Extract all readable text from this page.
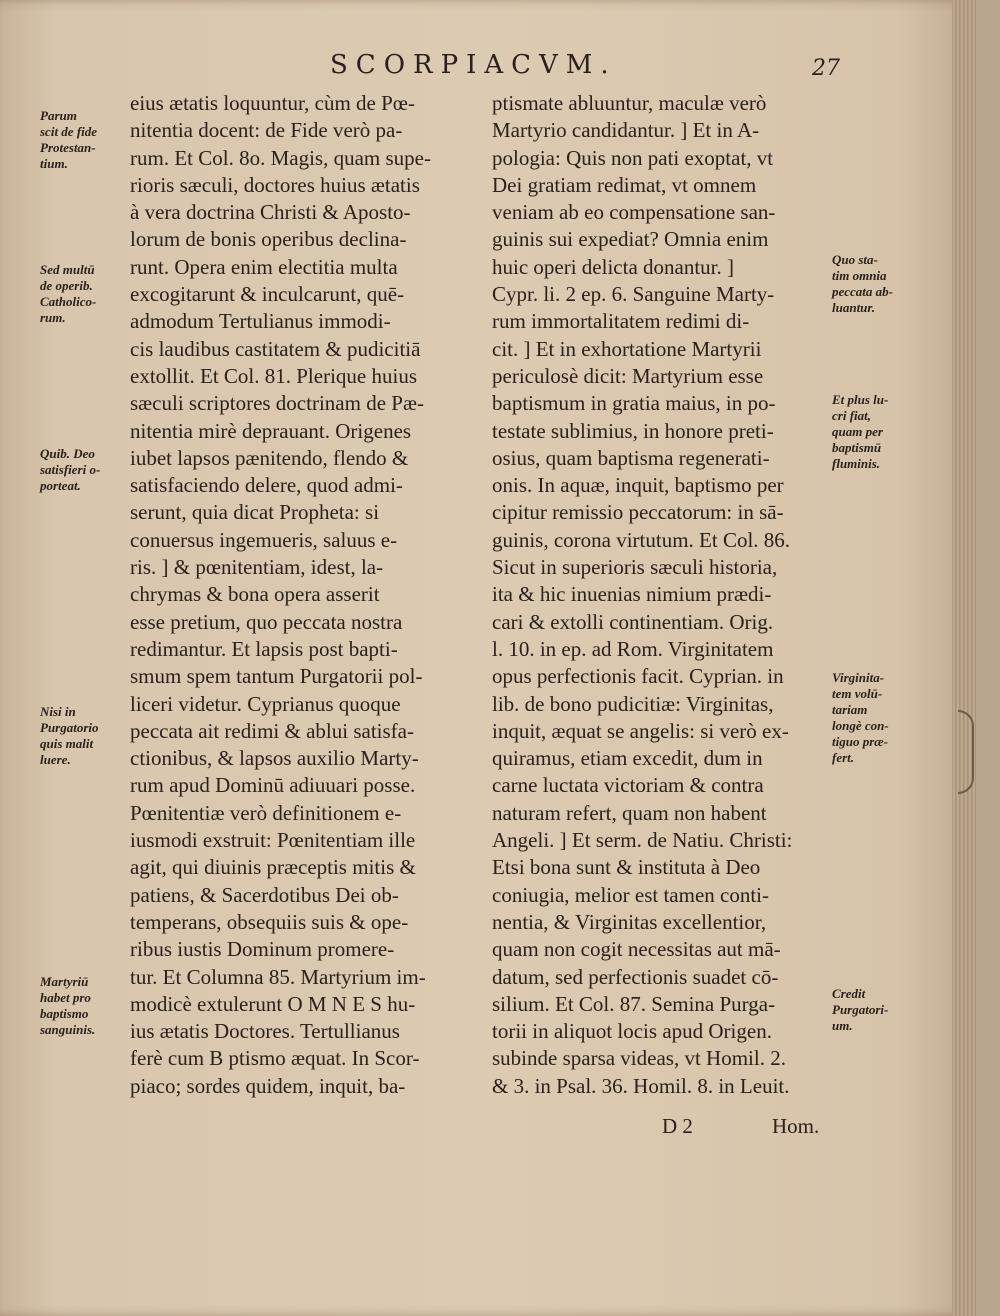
SCORPIACVM.	27
eius ætatis loquuntur, cùm de Pœ-
nitentia docent: de Fide verò pa-
rum. Et Col. 8o. Magis, quam supe-
rioris sæculi, doctores huius ætatis
à vera doctrina Christi & Aposto-
lorum de bonis operibus declina-
runt. Opera enim electitia multa
excogitarunt & inculcarunt, quē-
admodum Tertulianus immodi-
cis laudibus castitatem & pudicitiā
extollit. Et Col. 81. Plerique huius
sæculi scriptores doctrinam de Pæ-
nitentia mirè deprauant. Origenes
iubet lapsos pænitendo, flendo &
satisfaciendo delere, quod admi-
serunt, quia dicat Propheta: si
conuersus ingemueris, saluus e-
ris. ] & pœnitentiam, idest, la-
chrymas & bona opera asserit
esse pretium, quo peccata nostra
redimantur. Et lapsis post bapti-
smum spem tantum Purgatorii pol-
liceri videtur. Cyprianus quoque
peccata ait redimi & ablui satisfa-
ctionibus, & lapsos auxilio Marty-
rum apud Dominū adiuuari posse.
Pœnitentiæ verò definitionem e-
iusmodi exstruit: Pœnitentiam ille
agit, qui diuinis præceptis mitis &
patiens, & Sacerdotibus Dei ob-
temperans, obsequiis suis & ope-
ribus iustis Dominum promere-
tur. Et Columna 85. Martyrium im-
modicè extulerunt O M N E S hu-
ius ætatis Doctores. Tertullianus
ferè cum B ptismo æquat. In Scor-
piaco; sordes quidem, inquit, ba-
ptismate abluuntur, maculæ verò
Martyrio candidantur. ] Et in A-
pologia: Quis non pati exoptat, vt
Dei gratiam redimat, vt omnem
veniam ab eo compensatione san-
guinis sui expediat? Omnia enim
huic operi delicta donantur. ]
Cypr. li. 2 ep. 6. Sanguine Marty-
rum immortalitatem redimi di-
cit. ] Et in exhortatione Martyrii
periculosè dicit: Martyrium esse
baptismum in gratia maius, in po-
testate sublimius, in honore preti-
osius, quam baptisma regenerati-
onis. In aquæ, inquit, baptismo per
cipitur remissio peccatorum: in sā-
guinis, corona virtutum. Et Col. 86.
Sicut in superioris sæculi historia,
ita & hic inuenias nimium prædi-
cari & extolli continentiam. Orig.
l. 10. in ep. ad Rom. Virginitatem
opus perfectionis facit. Cyprian. in
lib. de bono pudicitiæ: Virginitas,
inquit, æquat se angelis: si verò ex-
quiramus, etiam excedit, dum in
carne luctata victoriam & contra
naturam refert, quam non habent
Angeli. ] Et serm. de Natiu. Christi:
Etsi bona sunt & instituta à Deo
coniugia, melior est tamen conti-
nentia, & Virginitas excellentior,
quam non cogit necessitas aut mā-
datum, sed perfectionis suadet cō-
silium. Et Col. 87. Semina Purga-
torii in aliquot locis apud Origen.
subinde sparsa videas, vt Homil. 2.
& 3. in Psal. 36. Homil. 8. in Leuit.
Parum
scit de fide
Protestan-
tium.
Sed multū
de operib.
Catholico-
rum.
Quib. Deo
satisfieri o-
porteat.
Nisi in
Purgatorio
quis malit
luere.
Martyriū
habet pro
baptismo
sanguinis.
Quo sta-
tim omnia
peccata ab-
luantur.
Et plus lu-
cri fiat,
quam per
baptismū
fluminis.
Virginita-
tem volū-
tariam
longè con-
tiguo præ-
fert.
Credit
Purgatori-
um.
D 2	Hom.
